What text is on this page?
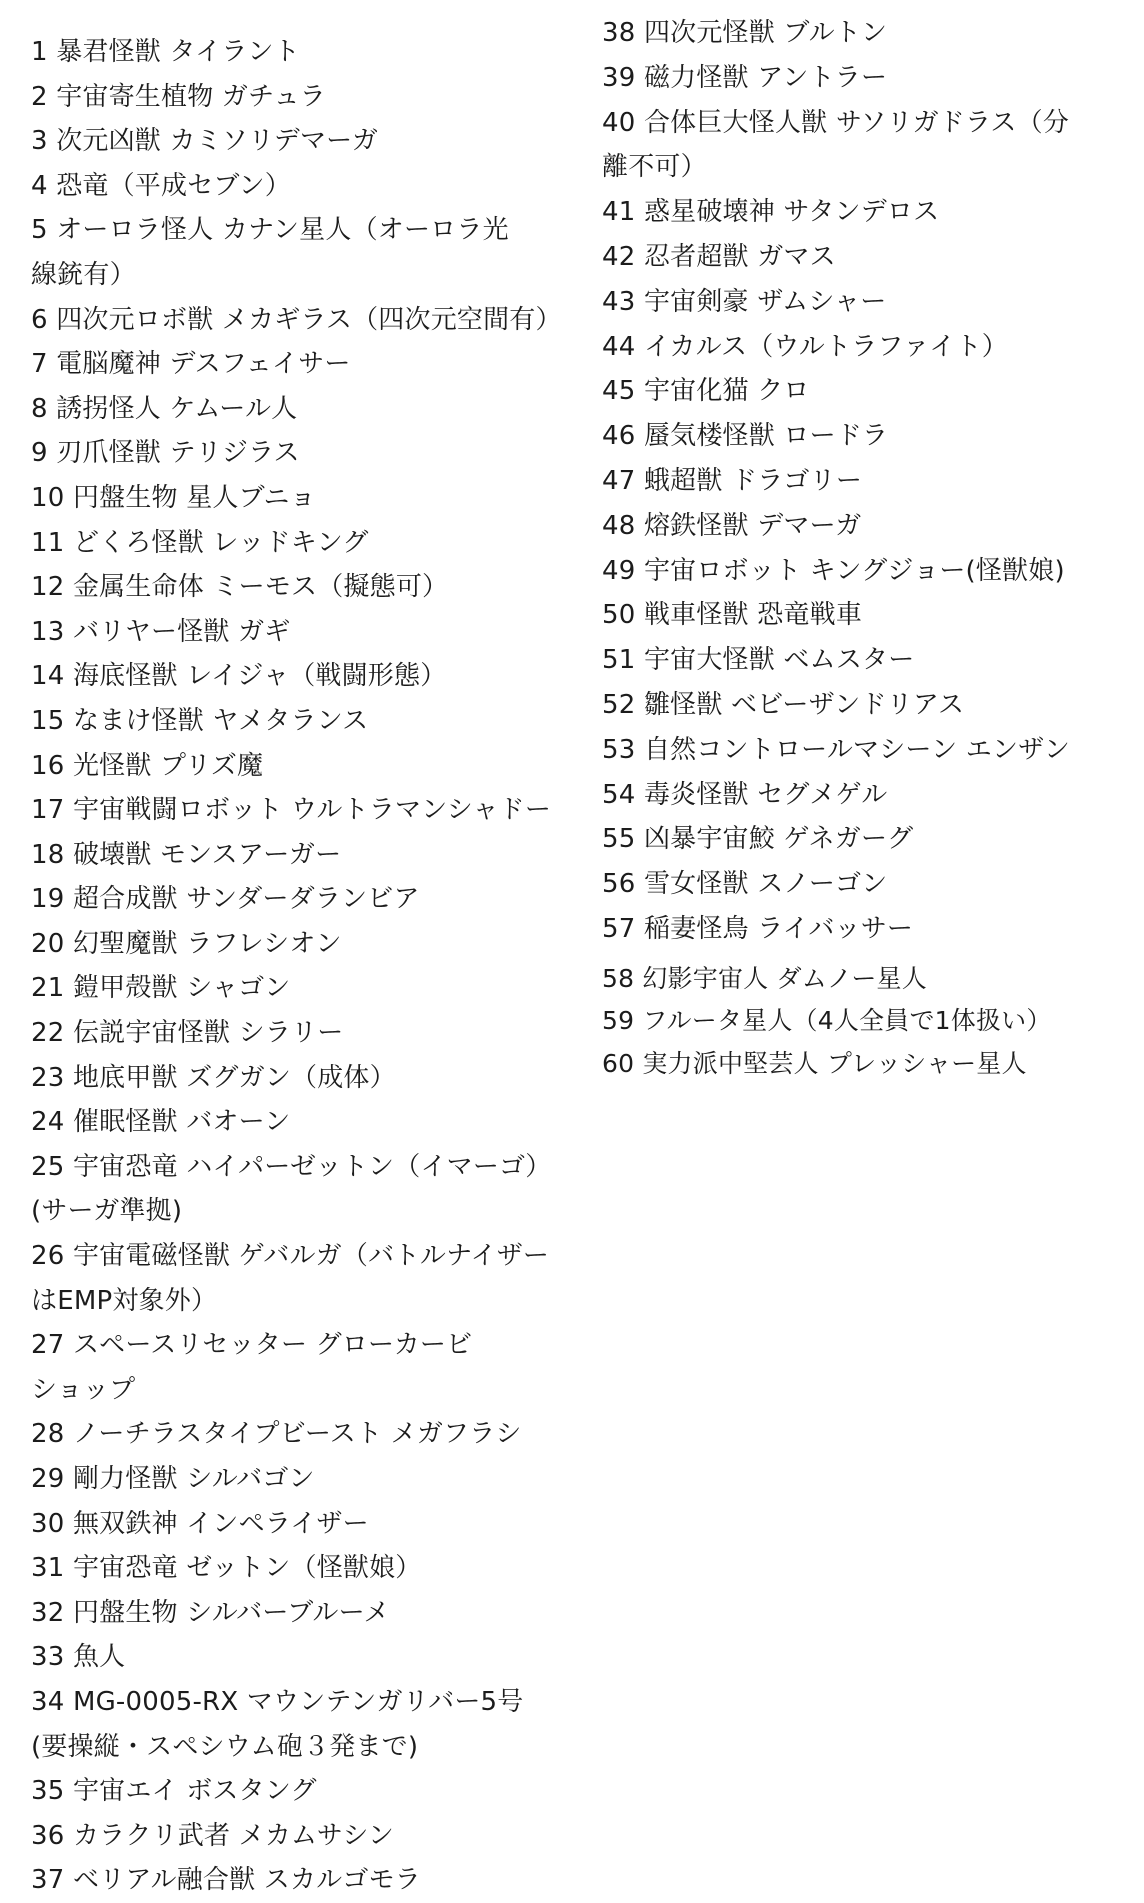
1 暴君怪獣 タイラント
2 宇宙寄生植物 ガチュラ
3 次元凶獣 カミソリデマーガ
4 恐竜（平成セブン）
5 オーロラ怪人 カナン星人（オーロラ光
線銃有）
6 四次元ロボ獣 メカギラス（四次元空間有）
7 電脳魔神 デスフェイサー
8 誘拐怪人 ケムール人
9 刃爪怪獣 テリジラス
10 円盤生物 星人ブニョ
11 どくろ怪獣 レッドキング
12 金属生命体 ミーモス（擬態可）
13 バリヤー怪獣 ガギ
14 海底怪獣 レイジャ（戦闘形態）
15 なまけ怪獣 ヤメタランス
16 光怪獣 プリズ魔
17 宇宙戦闘ロボット ウルトラマンシャドー
18 破壊獣 モンスアーガー
19 超合成獣 サンダーダランビア
20 幻聖魔獣 ラフレシオン
21 鎧甲殻獣 シャゴン
22 伝説宇宙怪獣 シラリー
23 地底甲獣 ズグガン（成体）
24 催眠怪獣 バオーン
25 宇宙恐竜 ハイパーゼットン（イマーゴ）
(サーガ準拠)
26 宇宙電磁怪獣 ゲバルガ（バトルナイザー
はEMP対象外）
27 スペースリセッター グローカービ
ショップ
28 ノーチラスタイプビースト メガフラシ
29 剛力怪獣 シルバゴン
30 無双鉄神 インペライザー
31 宇宙恐竜 ゼットン（怪獣娘）
32 円盤生物 シルバーブルーメ
33 魚人
34 MG-0005-RX マウンテンガリバー5号
(要操縦・スペシウム砲３発まで)
35 宇宙エイ ボスタング
36 カラクリ武者 メカムサシン
37 ベリアル融合獣 スカルゴモラ
38 四次元怪獣 ブルトン
39 磁力怪獣 アントラー
40 合体巨大怪人獣 サソリガドラス（分
離不可）
41 惑星破壊神 サタンデロス
42 忍者超獣 ガマス
43 宇宙剣豪 ザムシャー
44 イカルス（ウルトラファイト）
45 宇宙化猫 クロ
46 蜃気楼怪獣 ロードラ
47 蛾超獣 ドラゴリー
48 熔鉄怪獣 デマーガ
49 宇宙ロボット キングジョー(怪獣娘)
50 戦車怪獣 恐竜戦車
51 宇宙大怪獣 ベムスター
52 雛怪獣 ベビーザンドリアス
53 自然コントロールマシーン エンザン
54 毒炎怪獣 セグメゲル
55 凶暴宇宙鮫 ゲネガーグ
56 雪女怪獣 スノーゴン
57 稲妻怪鳥 ライバッサー
58 幻影宇宙人 ダムノー星人
59 フルータ星人（4人全員で1体扱い）
60 実力派中堅芸人 プレッシャー星人
